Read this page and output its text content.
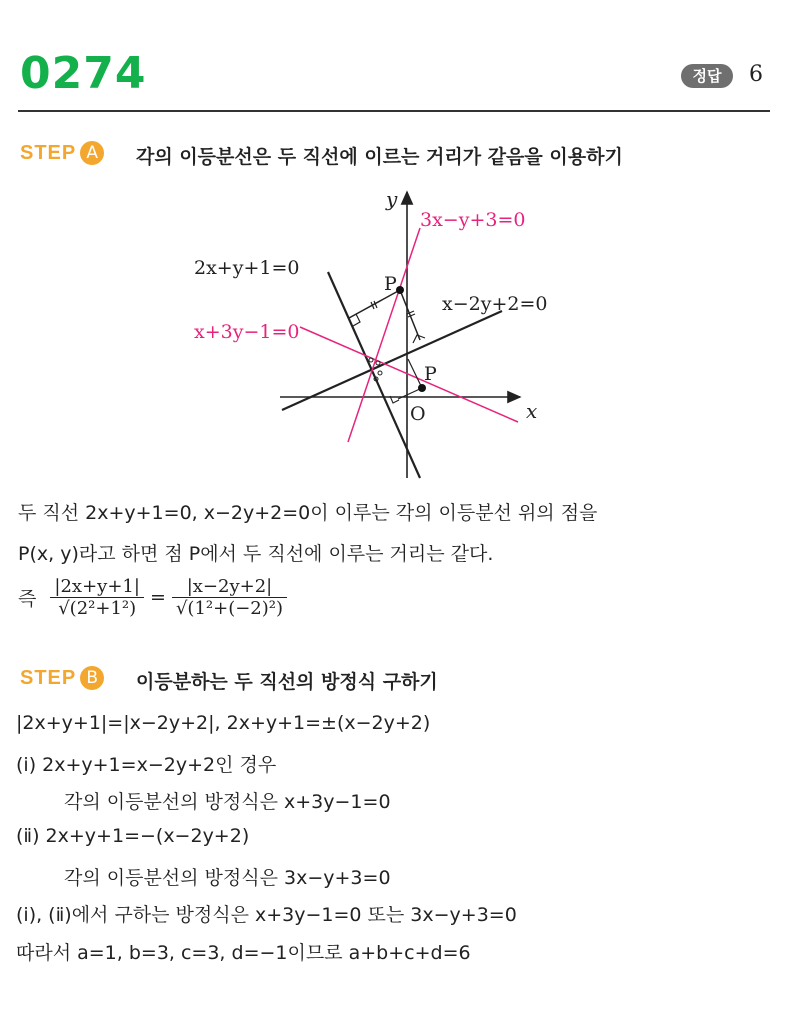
0274	정답	6
STEP A	각의 이등분선은 두 직선에 이르는 거리가 같음을 이용하기
y
x
O
2x+y+1=0
x−2y+2=0
3x−y+3=0
x+3y−1=0
P
P
두 직선 2x+y+1=0, x−2y+2=0이 이루는 각의 이등분선 위의 점을
P(x, y)라고 하면 점 P에서 두 직선에 이루는 거리는 같다.
즉 $\frac{|2x+y+1|}{\text{√(2²+1²)}} = \frac{|x-2y+2|}{\text{√(1²+(−2)²)}}$
STEP B	이등분하는 두 직선의 방정식 구하기
|2x+y+1|=|x−2y+2|, 2x+y+1=±(x−2y+2)
(ⅰ) 2x+y+1=x−2y+2인 경우
각의 이등분선의 방정식은 x+3y−1=0
(ⅱ) 2x+y+1=−(x−2y+2)
각의 이등분선의 방정식은 3x−y+3=0
(ⅰ), (ⅱ)에서 구하는 방정식은 x+3y−1=0 또는 3x−y+3=0
따라서 a=1, b=3, c=3, d=−1이므로 a+b+c+d=6
